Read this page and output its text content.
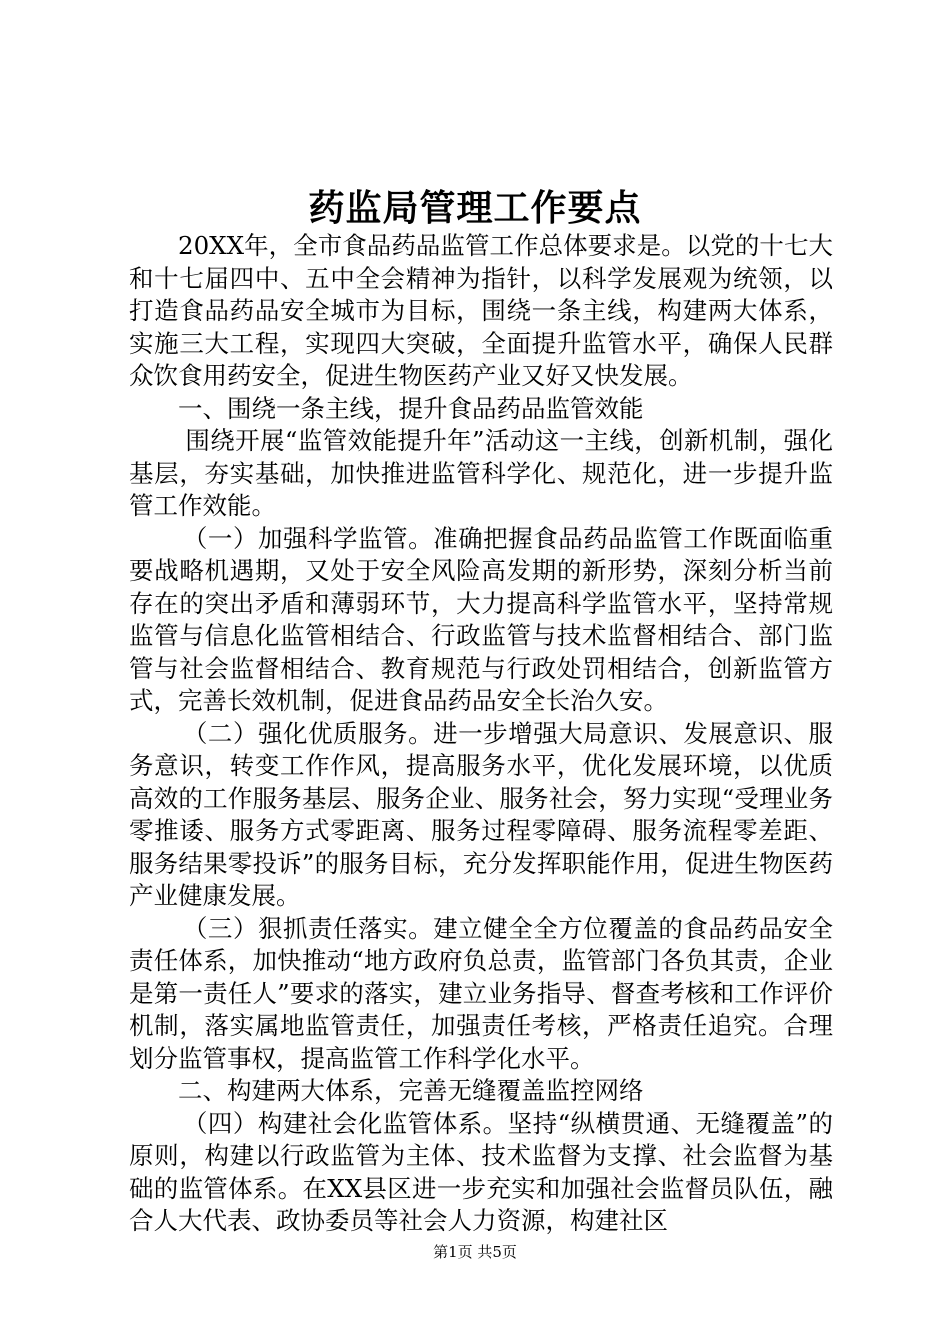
药监局管理工作要点

20XX年，全市食品药品监管工作总体要求是。以党的十七大和十七届四中、五中全会精神为指针，以科学发展观为统领，以打造食品药品安全城市为目标，围绕一条主线，构建两大体系，实施三大工程，实现四大突破，全面提升监管水平，确保人民群众饮食用药安全，促进生物医药产业又好又快发展。

一、围绕一条主线，提升食品药品监管效能

围绕开展“监管效能提升年”活动这一主线，创新机制，强化基层，夯实基础，加快推进监管科学化、规范化，进一步提升监管工作效能。

（一）加强科学监管。准确把握食品药品监管工作既面临重要战略机遇期，又处于安全风险高发期的新形势，深刻分析当前存在的突出矛盾和薄弱环节，大力提高科学监管水平，坚持常规监管与信息化监管相结合、行政监管与技术监督相结合、部门监管与社会监督相结合、教育规范与行政处罚相结合，创新监管方式，完善长效机制，促进食品药品安全长治久安。

（二）强化优质服务。进一步增强大局意识、发展意识、服务意识，转变工作作风，提高服务水平，优化发展环境，以优质高效的工作服务基层、服务企业、服务社会，努力实现“受理业务零推诿、服务方式零距离、服务过程零障碍、服务流程零差距、服务结果零投诉”的服务目标，充分发挥职能作用，促进生物医药产业健康发展。

（三）狠抓责任落实。建立健全全方位覆盖的食品药品安全责任体系，加快推动“地方政府负总责，监管部门各负其责，企业是第一责任人”要求的落实，建立业务指导、督查考核和工作评价机制，落实属地监管责任，加强责任考核，严格责任追究。合理划分监管事权，提高监管工作科学化水平。

二、构建两大体系，完善无缝覆盖监控网络

（四）构建社会化监管体系。坚持“纵横贯通、无缝覆盖”的原则，构建以行政监管为主体、技术监督为支撑、社会监督为基础的监管体系。在XX县区进一步充实和加强社会监督员队伍，融合人大代表、政协委员等社会人力资源，构建社区

第1页 共5页
